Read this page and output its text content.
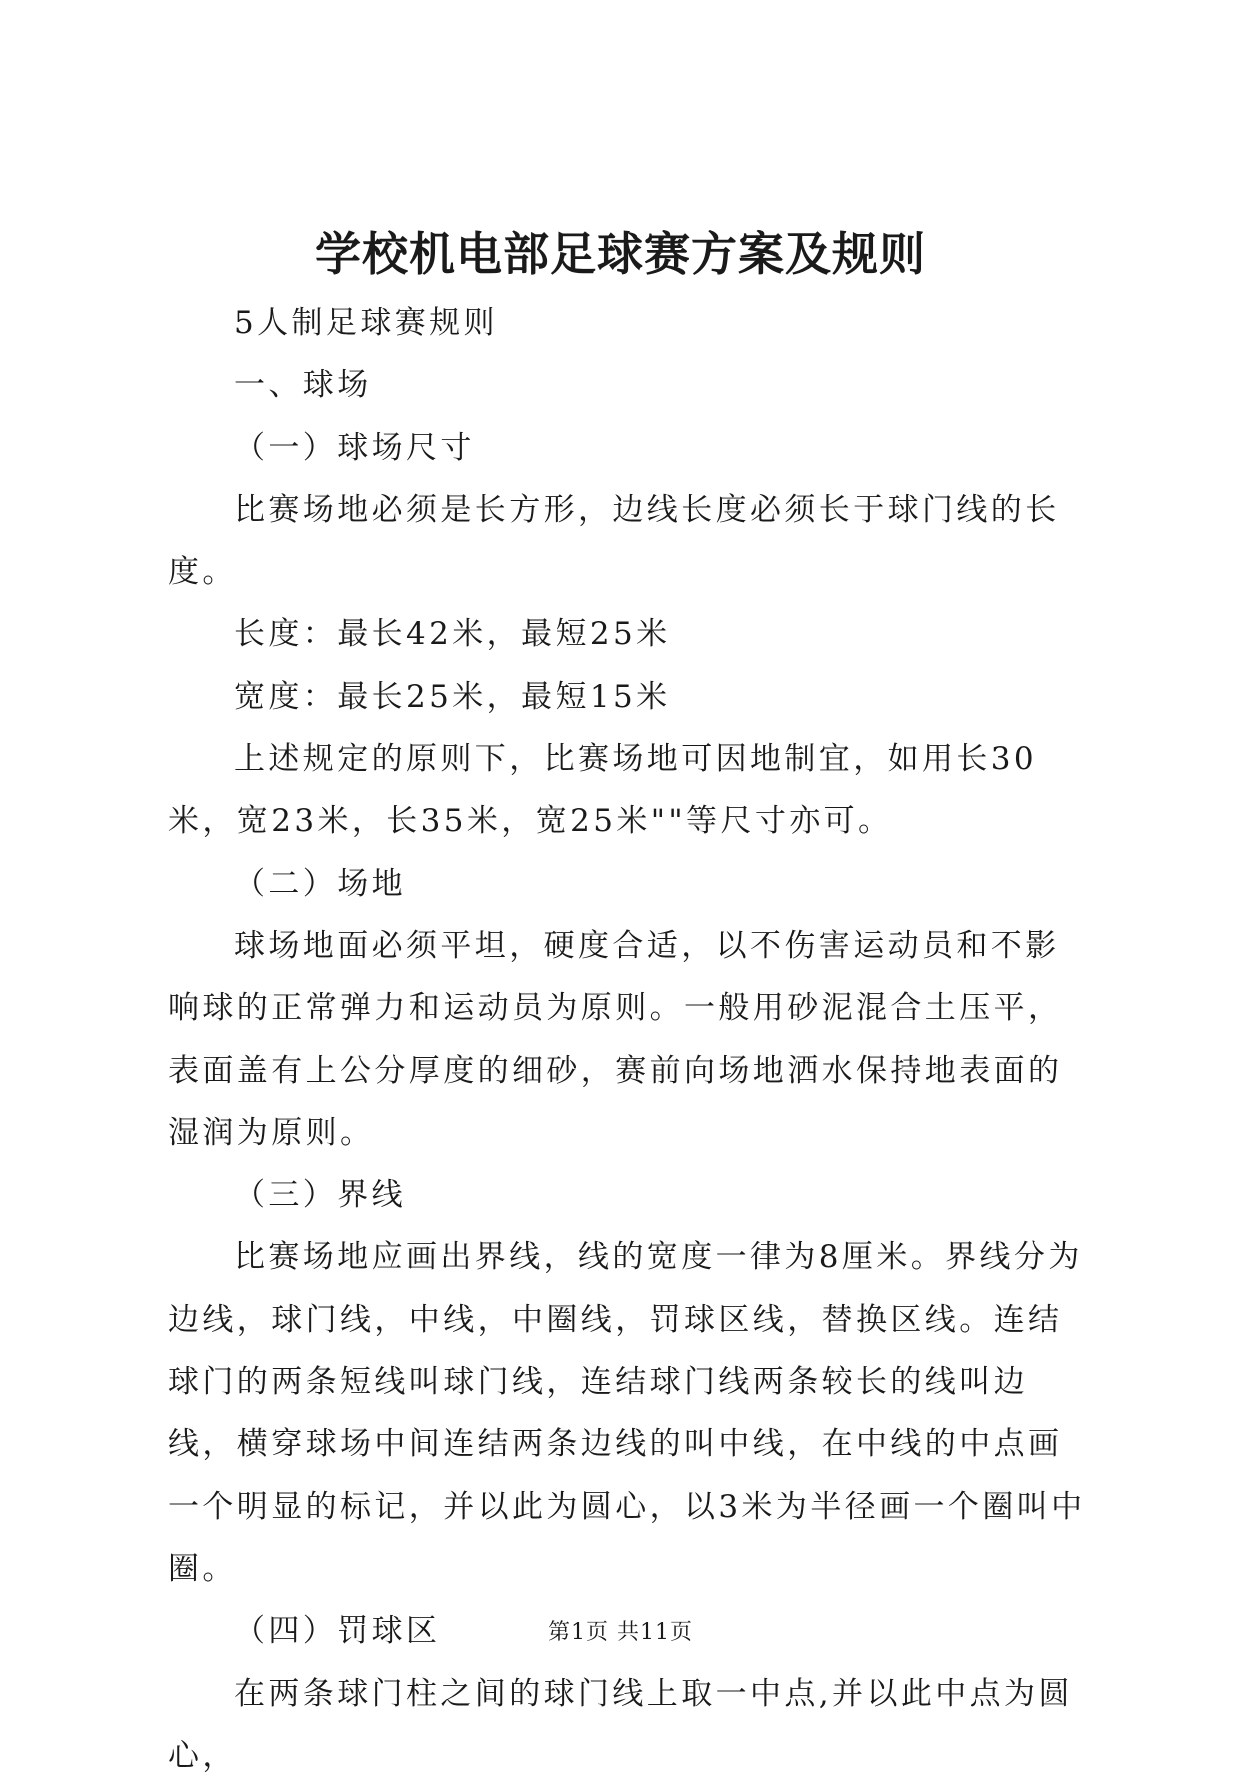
学校机电部足球赛方案及规则

5人制足球赛规则

一、球场

（一）球场尺寸

比赛场地必须是长方形，边线长度必须长于球门线的长度。

长度：最长42米，最短25米

宽度：最长25米，最短15米

上述规定的原则下，比赛场地可因地制宜，如用长30米，宽23米，长35米，宽25米""等尺寸亦可。

（二）场地

球场地面必须平坦，硬度合适，以不伤害运动员和不影响球的正常弹力和运动员为原则。一般用砂泥混合土压平，表面盖有上公分厚度的细砂，赛前向场地洒水保持地表面的湿润为原则。

（三）界线

比赛场地应画出界线，线的宽度一律为8厘米。界线分为边线，球门线，中线，中圈线，罚球区线，替换区线。连结球门的两条短线叫球门线，连结球门线两条较长的线叫边线，横穿球场中间连结两条边线的叫中线，在中线的中点画一个明显的标记，并以此为圆心，以3米为半径画一个圈叫中圈。

（四）罚球区

在两条球门柱之间的球门线上取一中点,并以此中点为圆心，

第1页 共11页
